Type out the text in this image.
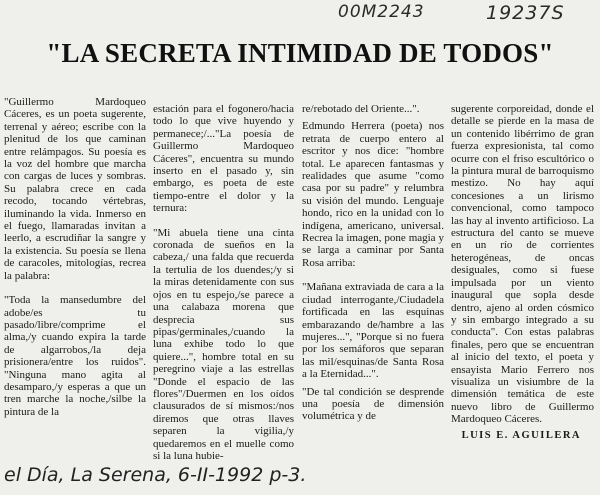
00M2243	19237S
"LA SECRETA INTIMIDAD DE TODOS"

"Guillermo Mardoqueo Cáceres, es un poeta sugerente, terrenal y aéreo; escribe con la plenitud de los que caminan entre relámpagos. Su poesía es la voz del hombre que marcha con cargas de luces y sombras. Su palabra crece en cada recodo, tocando vértebras, iluminando la vida. Inmerso en el fuego, llamaradas invitan a leerlo, a escrudiñar la sangre y la existencia. Su poesía se llena de caracoles, mitologías, recrea la palabra:

"Toda la mansedumbre del adobe/es tu pasado/libre/comprime el alma,/y cuando expira la tarde de algarrobos,/la deja prisionera/entre los ruidos". "Ninguna mano agita al desamparo,/y esperas a que un tren marche la noche,/silbe la pintura de la

estación para el fogonero/hacia todo lo que vive huyendo y permanece;/..."La poesía de Guillermo Mardoqueo Cáceres", encuentra su mundo inserto en el pasado y, sin embargo, es poeta de este tiempo-entre el dolor y la ternura:

"Mi abuela tiene una cinta coronada de sueños en la cabeza,/ una falda que recuerda la tertulia de los duendes;/y si la miras detenidamente con sus ojos en tu espejo,/se parece a una calabaza morena que desprecia sus pipas/germinales,/cuando la luna exhibe todo lo que quiere...", hombre total en su peregrino viaje a las estrellas "Donde el espacio de las flores"/Duermen en los oídos clausurados de sí mismos:/nos diremos que otras llaves separen la vigilia,/y quedaremos en el muelle como si la luna hubie-

re/rebotado del Oriente...".

Edmundo Herrera (poeta) nos retrata de cuerpo entero al escritor y nos dice: "hombre total. Le aparecen fantasmas y realidades que asume "como casa por su padre" y relumbra su visión del mundo. Lenguaje hondo, rico en la unidad con lo indígena, americano, universal. Recrea la imagen, pone magia y se larga a caminar por Santa Rosa arriba:

"Mañana extraviada de cara a la ciudad interrogante,/Ciudadela fortificada en las esquinas embarazando de/hambre a las mujeres...", "Porque si no fuera por los semáforos que separan las mil/esquinas/de Santa Rosa a la Eternidad...".

"De tal condición se desprende una poesía de dimensión volumétrica y de

sugerente corporeidad, donde el detalle se pierde en la masa de un contenido libérrimo de gran fuerza expresionista, tal como ocurre con el friso escultórico o la pintura mural de barroquismo mestizo. No hay aquí concesiones a un lirismo convencional, como tampoco las hay al invento artificioso. La estructura del canto se mueve en un río de corrientes heterogéneas, de oncas desiguales, como si fuese impulsada por un viento inaugural que sopla desde dentro, ajeno al orden cósmico y sin embargo integrado a su conducta". Con estas palabras finales, pero que se encuentran al inicio del texto, el poeta y ensayista Mario Ferrero nos visualiza un visiumbre de la dimensión temática de este nuevo libro de Guillermo Mardoqueo Cáceres.

LUIS E. AGUILERA
el Día, La Serena, 6-II-1992 p-3.
